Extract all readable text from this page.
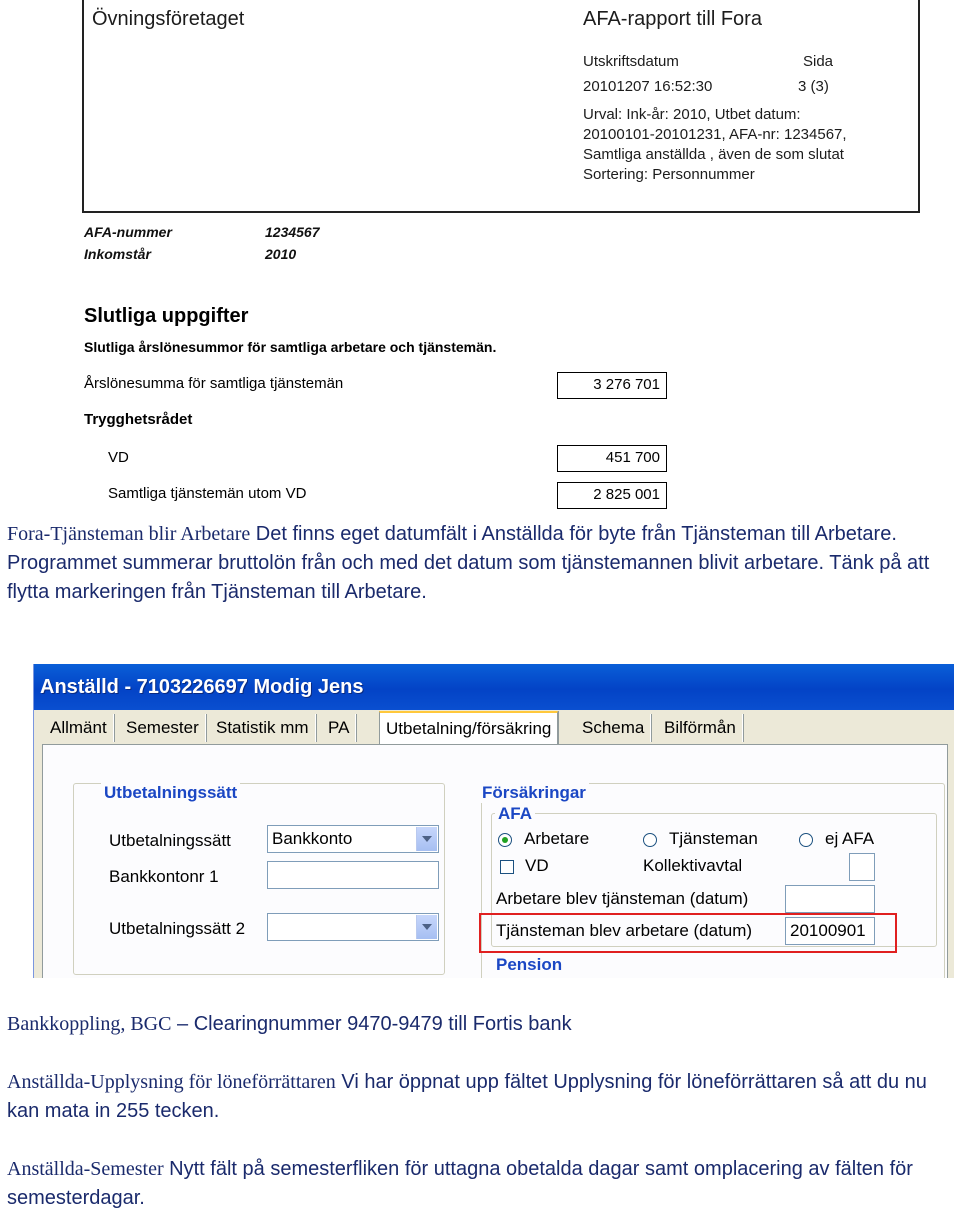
Övningsföretaget	AFA-rapport till Fora
Utskriftsdatum	Sida
20101207 16:52:30	3 (3)
Urval: Ink-år: 2010, Utbet datum:
20100101-20101231, AFA-nr: 1234567,
Samtliga anställda , även de som slutat
Sortering: Personnummer
AFA-nummer	1234567
Inkomstår	2010
Slutliga uppgifter
Slutliga årslönesummor för samtliga arbetare och tjänstemän.
Årslönesumma för samtliga tjänstemän	3 276 701
Trygghetsrådet
VD	451 700
Samtliga tjänstemän utom VD	2 825 001

Fora-Tjänsteman blir Arbetare Det finns eget datumfält i Anställda för byte från Tjänsteman till Arbetare. Programmet summerar bruttolön från och med det datum som tjänstemannen blivit arbetare. Tänk på att flytta markeringen från Tjänsteman till Arbetare.

Anställd - 7103226697 Modig Jens
Allmänt	Semester	Statistik mm	PA	Utbetalning/försäkring	Schema	Bilförmån
Utbetalningssätt
Utbetalningssätt Bankkonto
Bankkontonr 1
Utbetalningssätt 2
Försäkringar
AFA
Arbetare	Tjänsteman	ej AFA
VD	Kollektivavtal
Arbetare blev tjänsteman (datum)
Tjänsteman blev arbetare (datum) 20100901
Pension

Bankkoppling, BGC – Clearingnummer 9470-9479 till Fortis bank

Anställda-Upplysning för löneförrättaren Vi har öppnat upp fältet Upplysning för löneförrättaren så att du nu kan mata in 255 tecken.

Anställda-Semester Nytt fält på semesterfliken för uttagna obetalda dagar samt omplacering av fälten för semesterdagar.
